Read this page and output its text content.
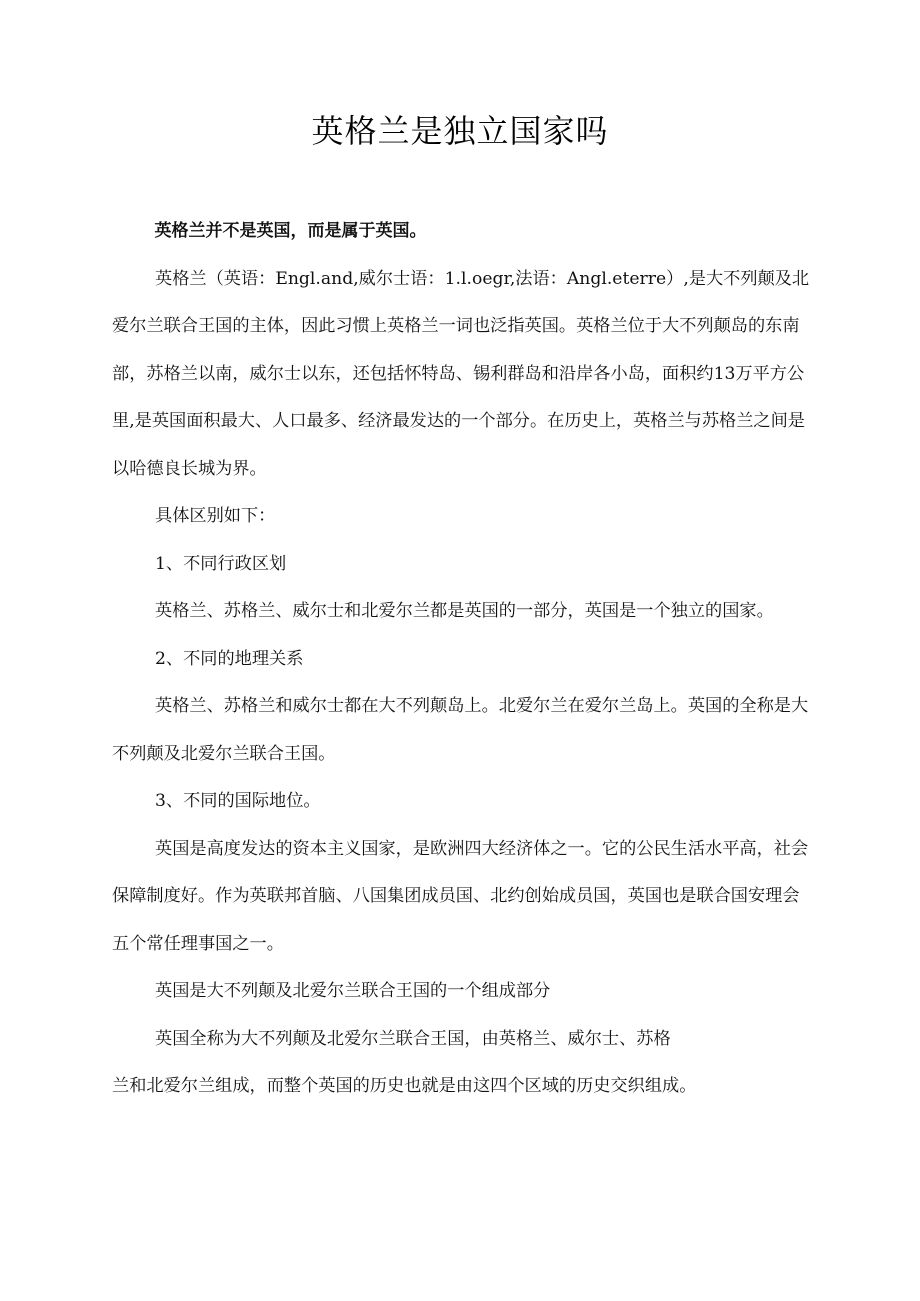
英格兰是独立国家吗

英格兰并不是英国，而是属于英国。

英格兰（英语：Engl.and,威尔士语：1.l.oegr,法语：Angl.eterre）,是大不列颠及北爱尔兰联合王国的主体，因此习惯上英格兰一词也泛指英国。英格兰位于大不列颠岛的东南部，苏格兰以南，威尔士以东，还包括怀特岛、锡利群岛和沿岸各小岛，面积约13万平方公里,是英国面积最大、人口最多、经济最发达的一个部分。在历史上，英格兰与苏格兰之间是以哈德良长城为界。

具体区别如下：

1、不同行政区划

英格兰、苏格兰、威尔士和北爱尔兰都是英国的一部分，英国是一个独立的国家。

2、不同的地理关系

英格兰、苏格兰和威尔士都在大不列颠岛上。北爱尔兰在爱尔兰岛上。英国的全称是大不列颠及北爱尔兰联合王国。

3、不同的国际地位。

英国是高度发达的资本主义国家，是欧洲四大经济体之一。它的公民生活水平高，社会保障制度好。作为英联邦首脑、八国集团成员国、北约创始成员国，英国也是联合国安理会五个常任理事国之一。

英国是大不列颠及北爱尔兰联合王国的一个组成部分

英国全称为大不列颠及北爱尔兰联合王国，由英格兰、威尔士、苏格
兰和北爱尔兰组成，而整个英国的历史也就是由这四个区域的历史交织组成。
